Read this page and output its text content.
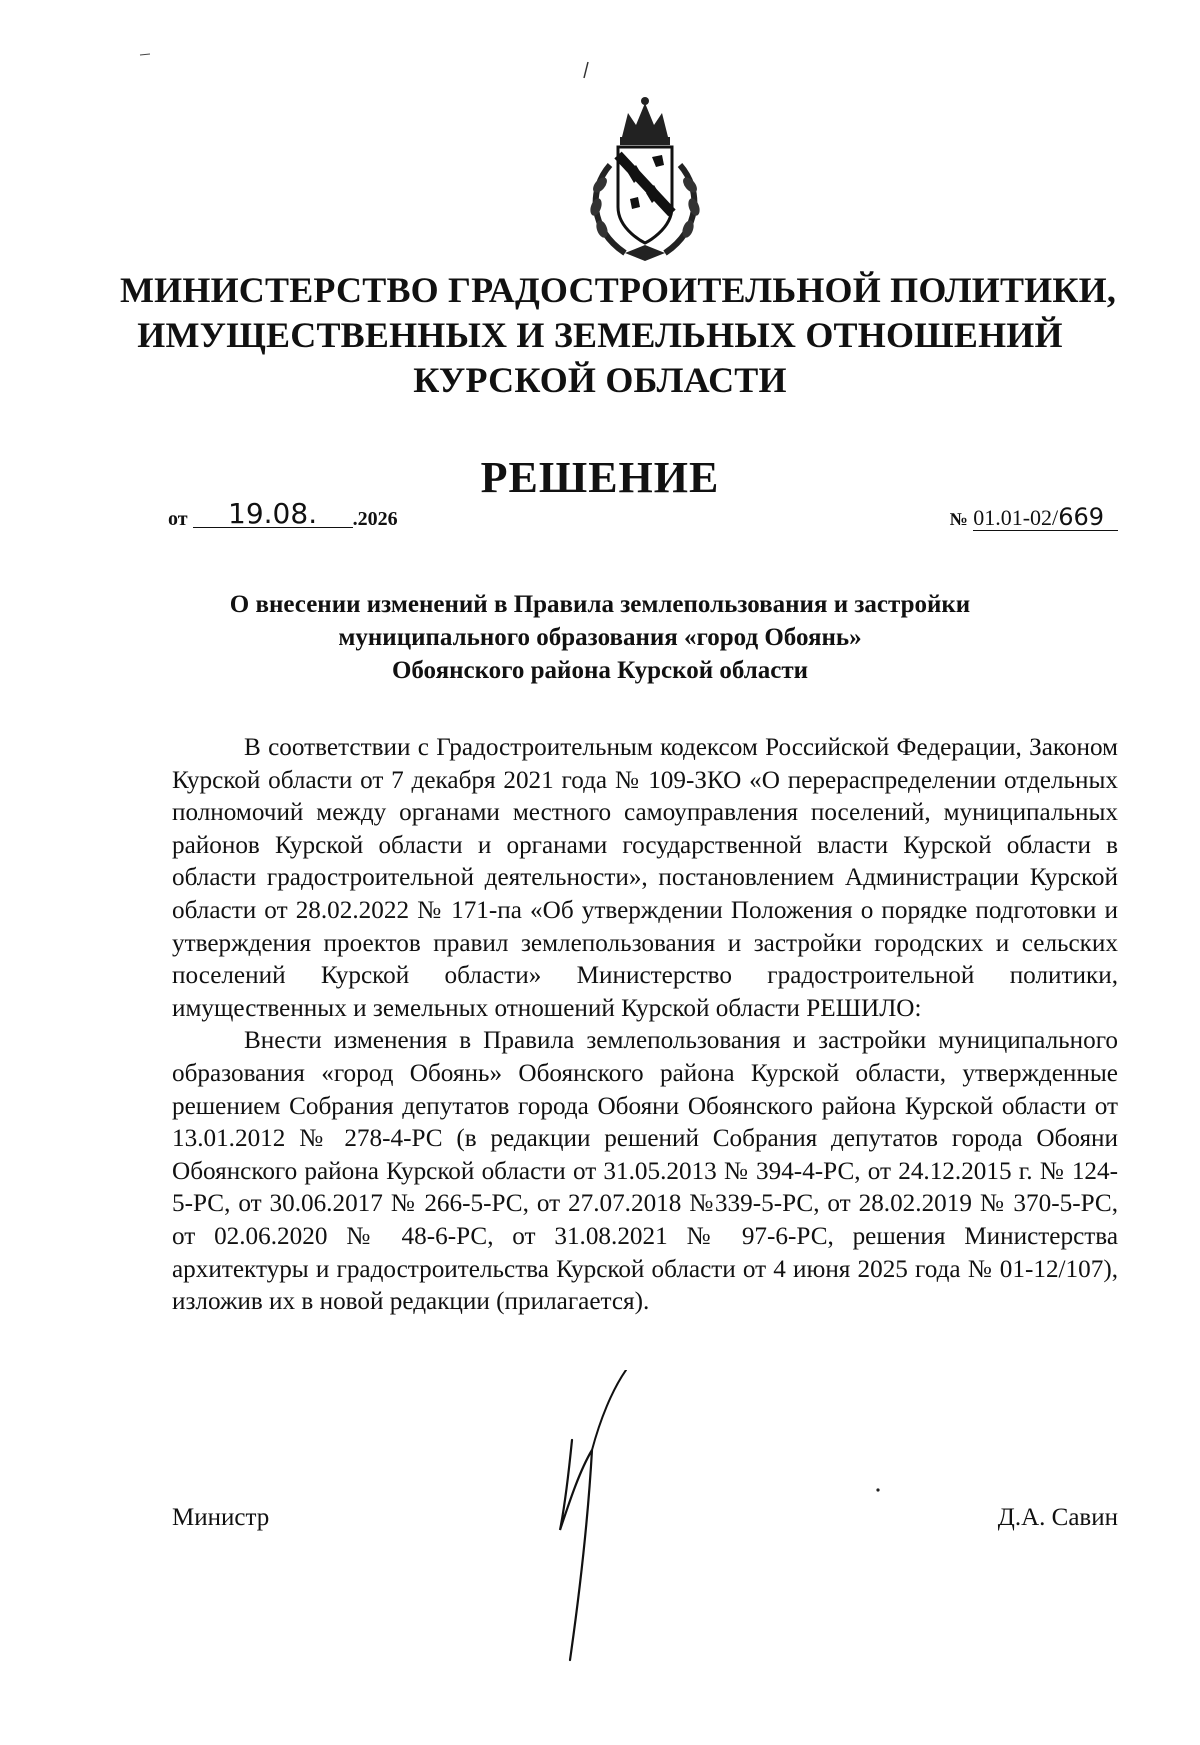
МИНИСТЕРСТВО ГРАДОСТРОИТЕЛЬНОЙ ПОЛИТИКИ,
ИМУЩЕСТВЕННЫХ И ЗЕМЕЛЬНЫХ ОТНОШЕНИЙ
КУРСКОЙ ОБЛАСТИ
РЕШЕНИЕ
от 19.08. .2026	№ 01.01-02/669
О внесении изменений в Правила землепользования и застройки
муниципального образования «город Обоянь»
Обоянского района Курской области

В соответствии с Градостроительным кодексом Российской Федерации, Законом Курской области от 7 декабря 2021 года № 109-ЗКО «О перераспределении отдельных полномочий между органами местного самоуправления поселений, муниципальных районов Курской области и органами государственной власти Курской области в области градостроительной деятельности», постановлением Администрации Курской области от 28.02.2022 № 171-па «Об утверждении Положения о порядке подготовки и утверждения проектов правил землепользования и застройки городских и сельских поселений Курской области» Министерство градостроительной политики, имущественных и земельных отношений Курской области РЕШИЛО:

Внести изменения в Правила землепользования и застройки муниципального образования «город Обоянь» Обоянского района Курской области, утвержденные решением Собрания депутатов города Обояни Обоянского района Курской области от 13.01.2012 № 278-4-РС (в редакции решений Собрания депутатов города Обояни Обоянского района Курской области от 31.05.2013 № 394-4-РС, от 24.12.2015 г. № 124-5-РС, от 30.06.2017 № 266-5-РС, от 27.07.2018 №339-5-РС, от 28.02.2019 № 370-5-РС, от 02.06.2020 № 48-6-РС, от 31.08.2021 № 97-6-РС, решения Министерства архитектуры и градостроительства Курской области от 4 июня 2025 года № 01-12/107), изложив их в новой редакции (прилагается).

Министр	Д.А. Савин
